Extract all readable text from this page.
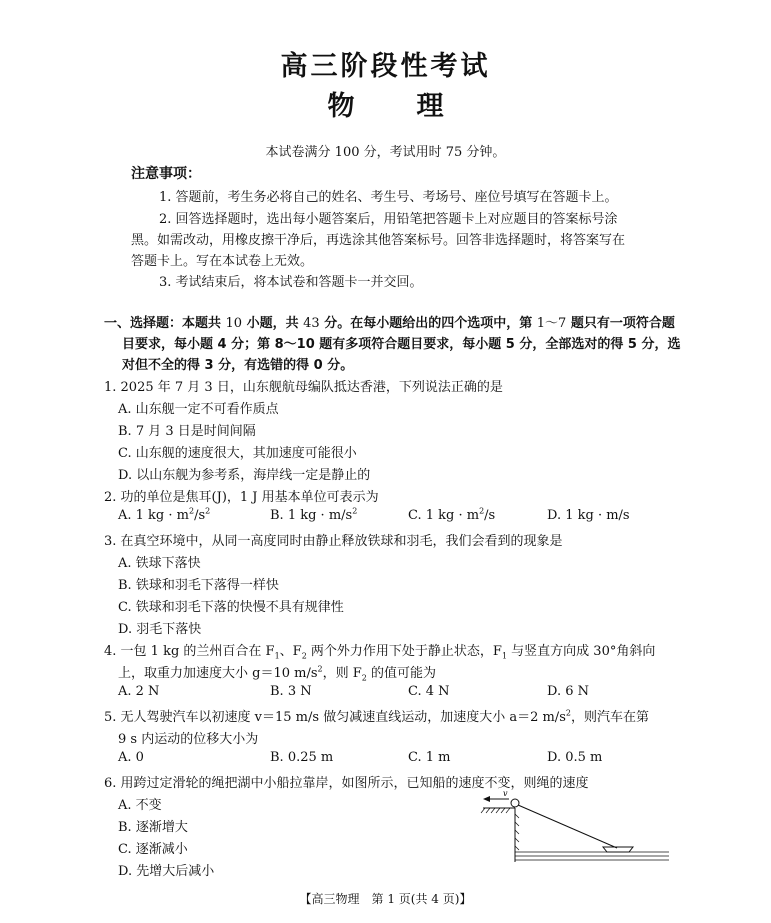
高三阶段性考试
物 理
本试卷满分 100 分，考试用时 75 分钟。
注意事项：
1. 答题前，考生务必将自己的姓名、考生号、考场号、座位号填写在答题卡上。
2. 回答选择题时，选出每小题答案后，用铅笔把答题卡上对应题目的答案标号涂
黑。如需改动，用橡皮擦干净后，再选涂其他答案标号。回答非选择题时，将答案写在
答题卡上。写在本试卷上无效。
3. 考试结束后，将本试卷和答题卡一并交回。
一、选择题：本题共 10 小题，共 43 分。在每小题给出的四个选项中，第 1～7 题只有一项符合题
目要求，每小题 4 分；第 8～10 题有多项符合题目要求，每小题 5 分，全部选对的得 5 分，选
对但不全的得 3 分，有选错的得 0 分。
1. 2025 年 7 月 3 日，山东舰航母编队抵达香港，下列说法正确的是
A. 山东舰一定不可看作质点
B. 7 月 3 日是时间间隔
C. 山东舰的速度很大，其加速度可能很小
D. 以山东舰为参考系，海岸线一定是静止的
2. 功的单位是焦耳(J)，1 J 用基本单位可表示为
A. 1 kg · $m^2/s^2$	B. 1 kg · $m/s^2$	C. 1 kg · $m^2/s$	D. 1 kg · m/s
3. 在真空环境中，从同一高度同时由静止释放铁球和羽毛，我们会看到的现象是
A. 铁球下落快
B. 铁球和羽毛下落得一样快
C. 铁球和羽毛下落的快慢不具有规律性
D. 羽毛下落快
4. 一包 1 kg 的兰州百合在 $F_1$、$F_2$ 两个外力作用下处于静止状态，$F_1$ 与竖直方向成 30°角斜向
上，取重力加速度大小 g＝10 $m/s^2$，则 $F_2$ 的值可能为
A. 2 N	B. 3 N	C. 4 N	D. 6 N
5. 无人驾驶汽车以初速度 v＝15 m/s 做匀减速直线运动，加速度大小 a＝2 $m/s^2$，则汽车在第
9 s 内运动的位移大小为
A. 0	B. 0.25 m	C. 1 m	D. 0.5 m
6. 用跨过定滑轮的绳把湖中小船拉靠岸，如图所示，已知船的速度不变，则绳的速度
A. 不变
B. 逐渐增大
C. 逐渐减小
D. 先增大后减小
v
【高三物理　第 1 页(共 4 页)】
